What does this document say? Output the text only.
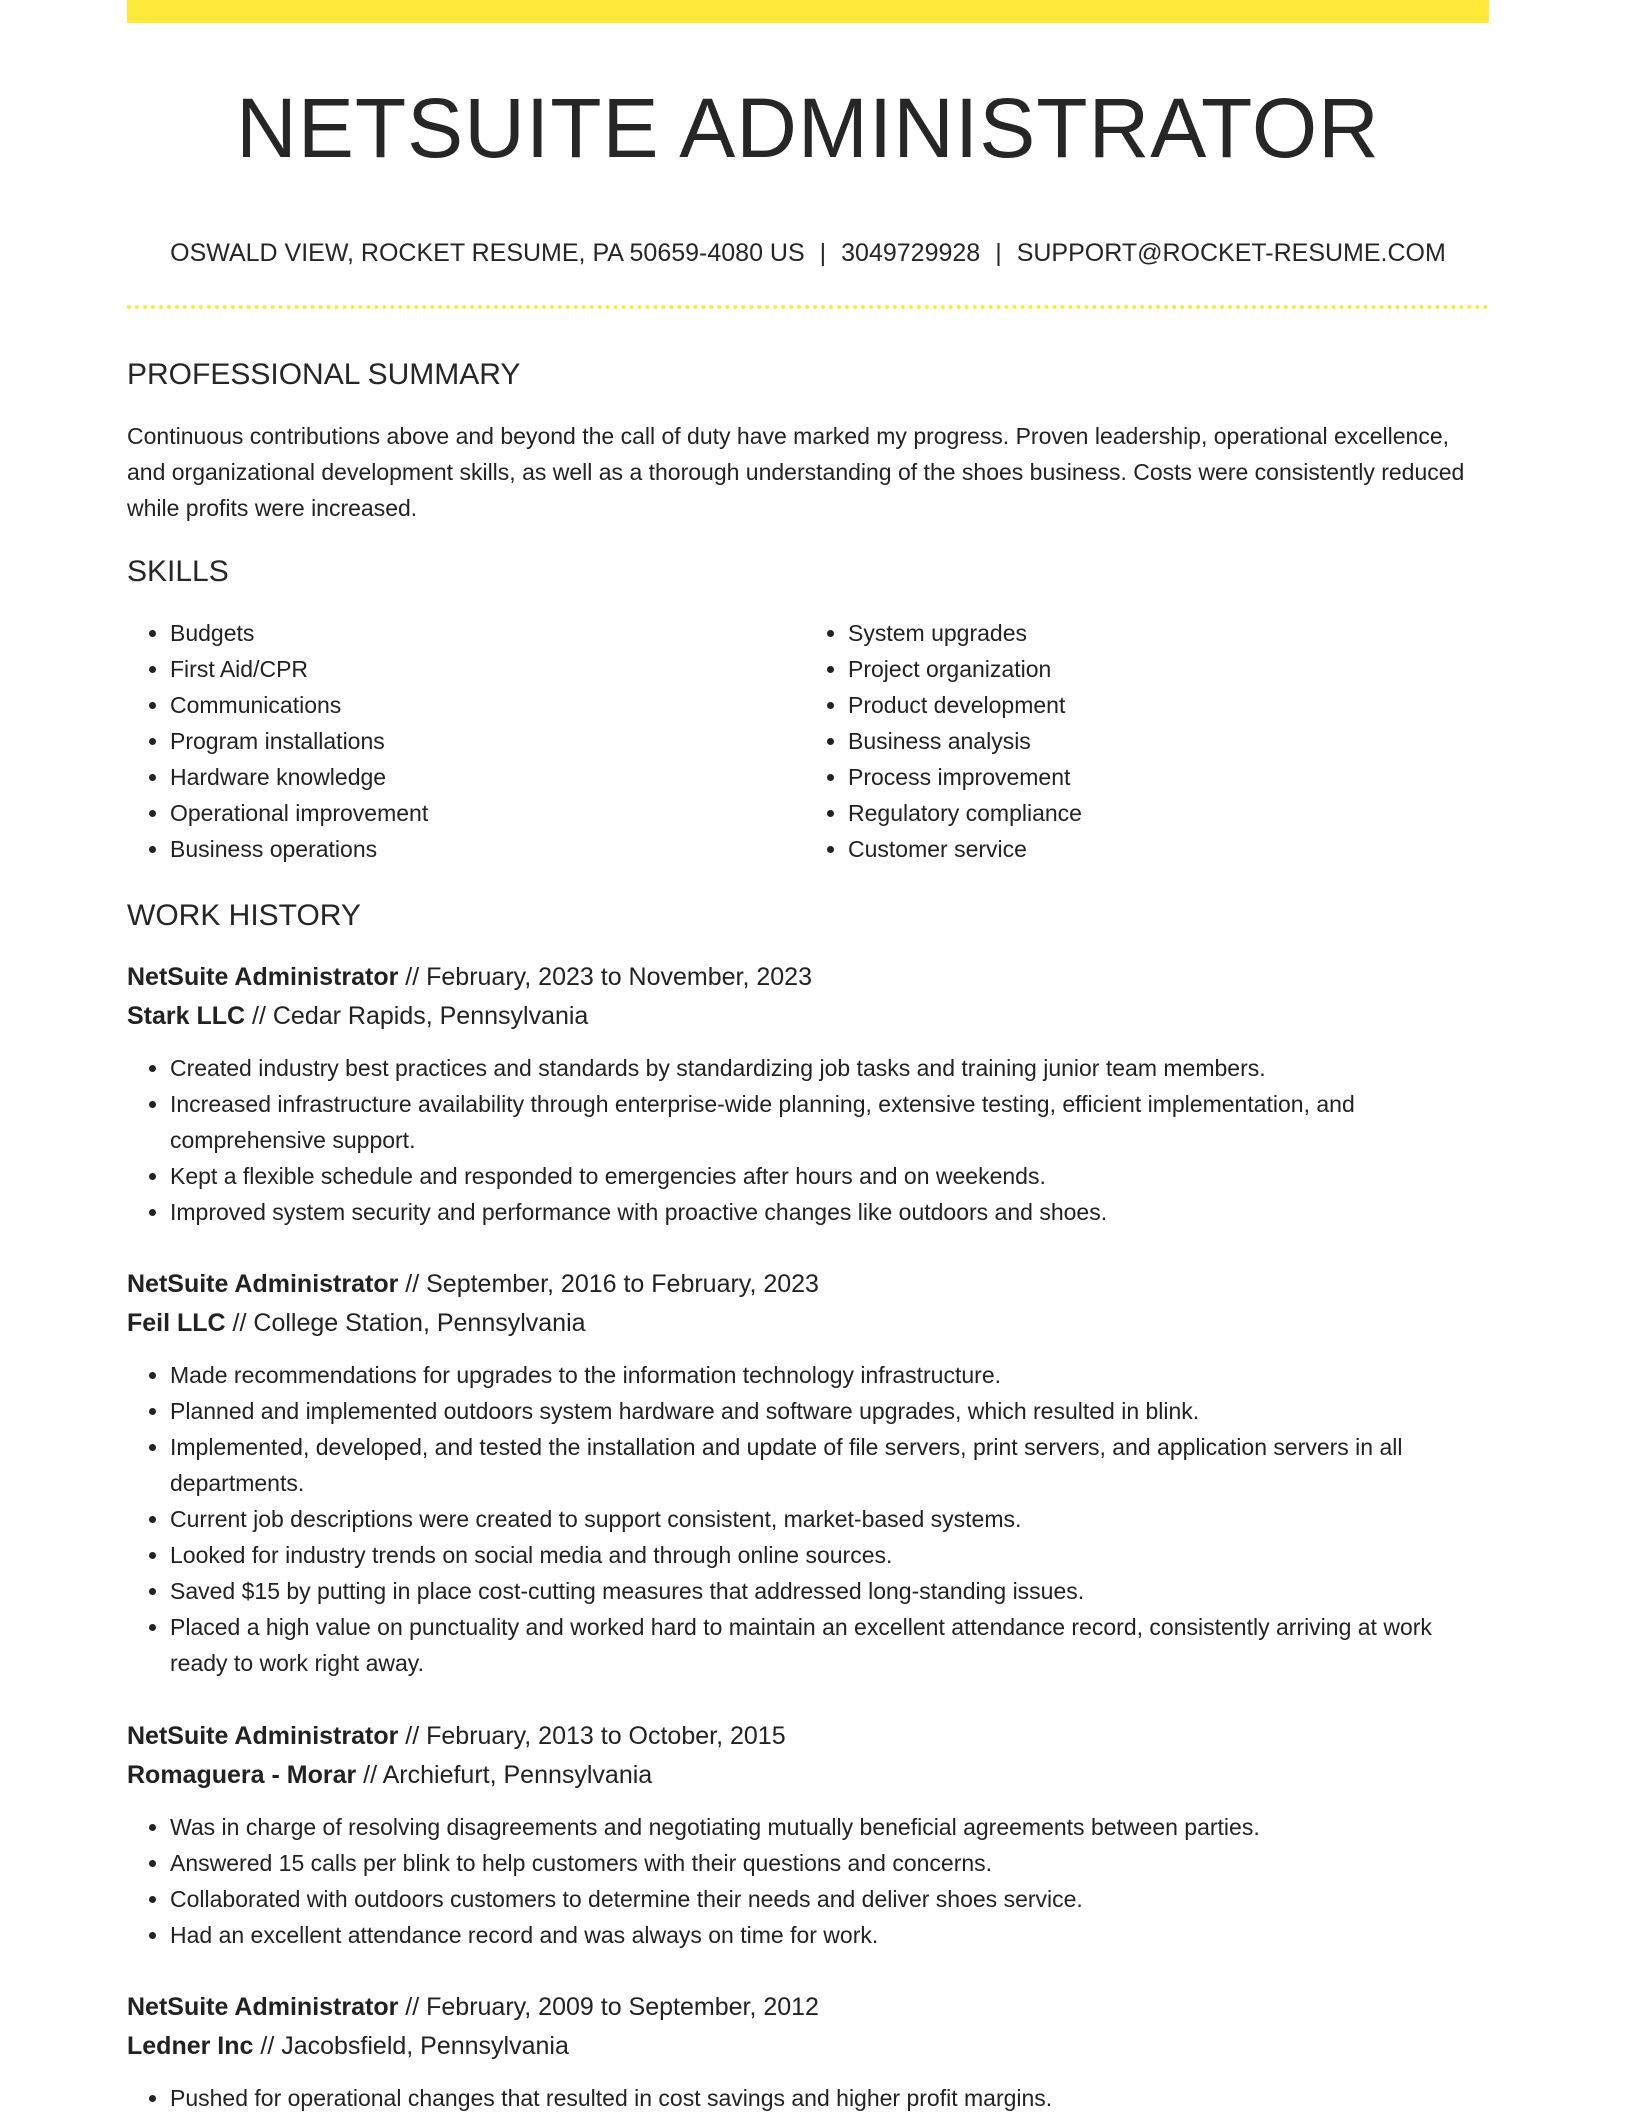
NETSUITE ADMINISTRATOR
OSWALD VIEW, ROCKET RESUME, PA 50659-4080 US | 3049729928 | SUPPORT@ROCKET-RESUME.COM
PROFESSIONAL SUMMARY

Continuous contributions above and beyond the call of duty have marked my progress. Proven leadership, operational excellence, and organizational development skills, as well as a thorough understanding of the shoes business. Costs were consistently reduced while profits were increased.

SKILLS
• Budgets
• First Aid/CPR
• Communications
• Program installations
• Hardware knowledge
• Operational improvement
• Business operations
• System upgrades
• Project organization
• Product development
• Business analysis
• Process improvement
• Regulatory compliance
• Customer service
WORK HISTORY
NetSuite Administrator // February, 2023 to November, 2023
Stark LLC // Cedar Rapids, Pennsylvania
• Created industry best practices and standards by standardizing job tasks and training junior team members.
• Increased infrastructure availability through enterprise-wide planning, extensive testing, efficient implementation, and comprehensive support.
• Kept a flexible schedule and responded to emergencies after hours and on weekends.
• Improved system security and performance with proactive changes like outdoors and shoes.
NetSuite Administrator // September, 2016 to February, 2023
Feil LLC // College Station, Pennsylvania
• Made recommendations for upgrades to the information technology infrastructure.
• Planned and implemented outdoors system hardware and software upgrades, which resulted in blink.
• Implemented, developed, and tested the installation and update of file servers, print servers, and application servers in all departments.
• Current job descriptions were created to support consistent, market-based systems.
• Looked for industry trends on social media and through online sources.
• Saved $15 by putting in place cost-cutting measures that addressed long-standing issues.
• Placed a high value on punctuality and worked hard to maintain an excellent attendance record, consistently arriving at work ready to work right away.
NetSuite Administrator // February, 2013 to October, 2015
Romaguera - Morar // Archiefurt, Pennsylvania
• Was in charge of resolving disagreements and negotiating mutually beneficial agreements between parties.
• Answered 15 calls per blink to help customers with their questions and concerns.
• Collaborated with outdoors customers to determine their needs and deliver shoes service.
• Had an excellent attendance record and was always on time for work.
NetSuite Administrator // February, 2009 to September, 2012
Ledner Inc // Jacobsfield, Pennsylvania
• Pushed for operational changes that resulted in cost savings and higher profit margins.
